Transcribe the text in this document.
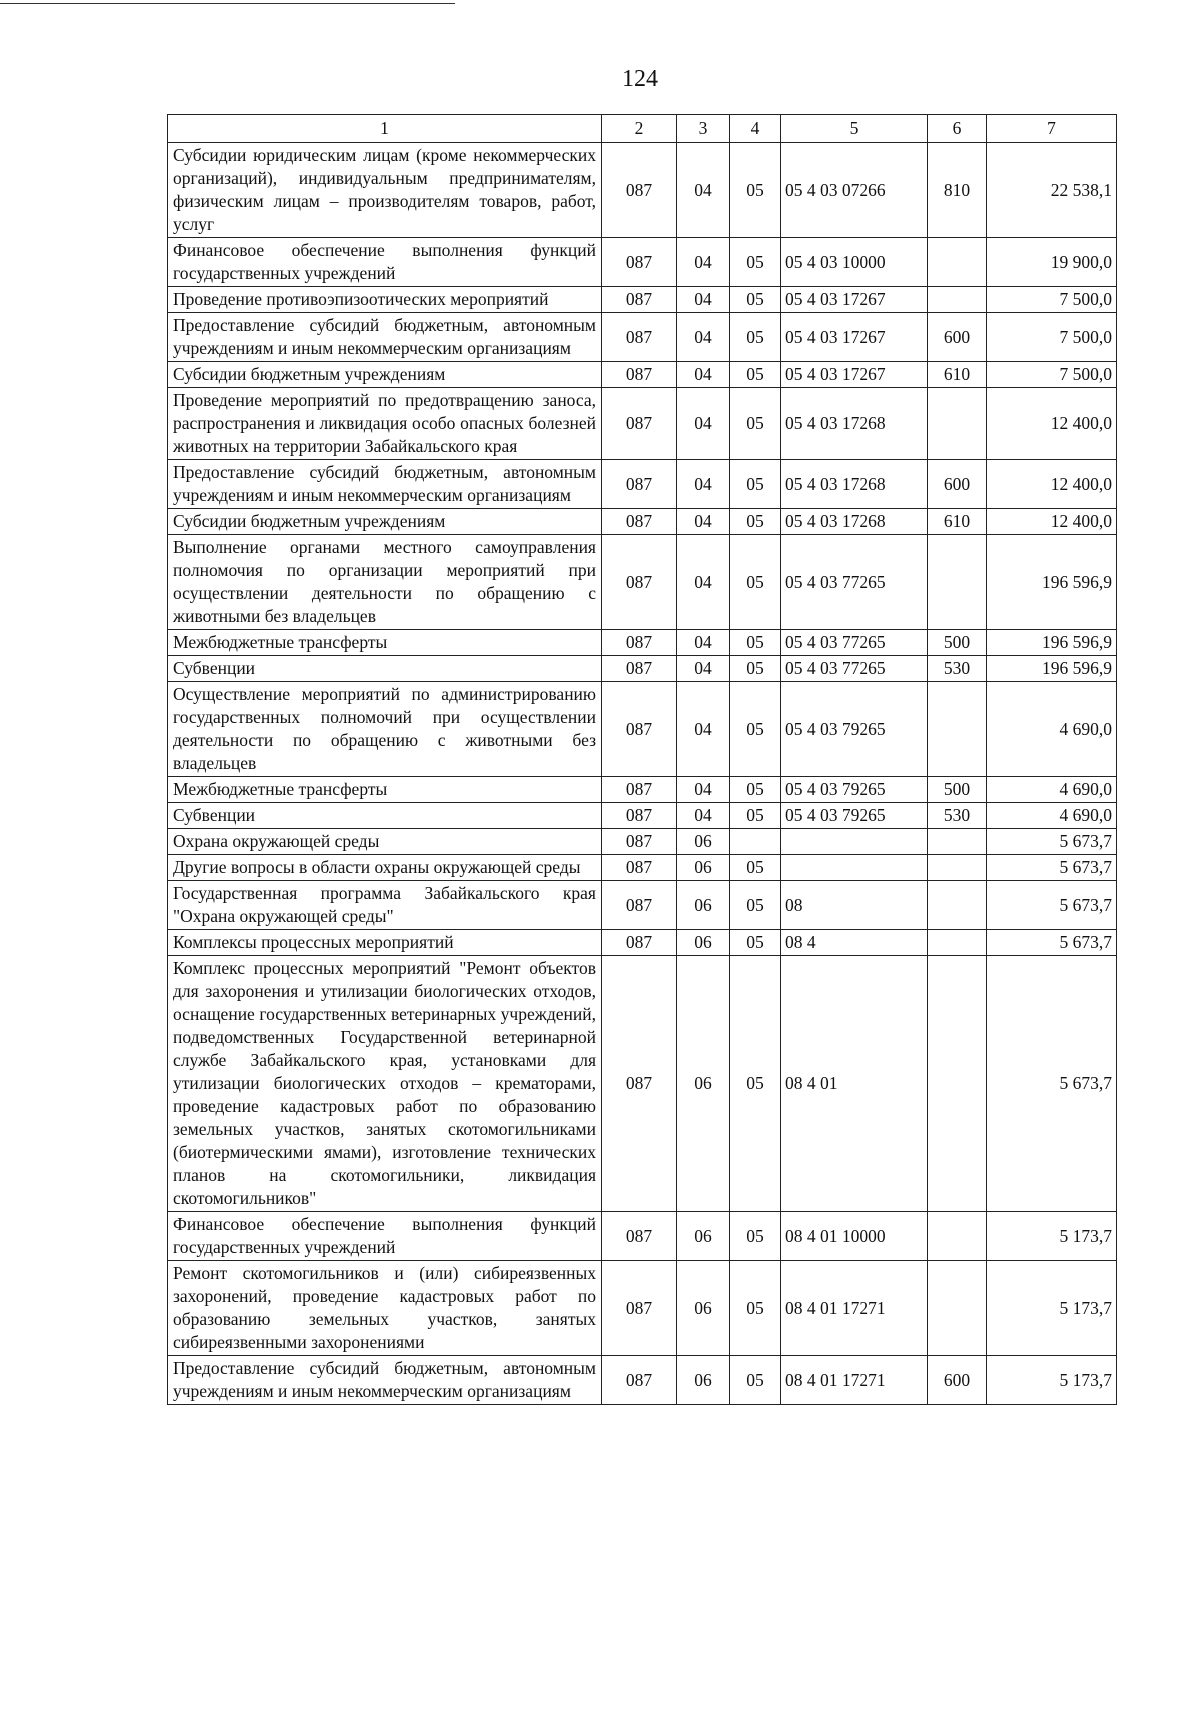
124
1	2	3	4	5	6	7
Субсидии юридическим лицам (кроме некоммерческих организаций), индивидуальным предпринимателям, физическим лицам – производителям товаров, работ, услуг	087	04	05	05 4 03 07266	810	22 538,1
Финансовое обеспечение выполнения функций государственных учреждений	087	04	05	05 4 03 10000		19 900,0
Проведение противоэпизоотических мероприятий	087	04	05	05 4 03 17267		7 500,0
Предоставление субсидий бюджетным, автономным учреждениям и иным некоммерческим организациям	087	04	05	05 4 03 17267	600	7 500,0
Субсидии бюджетным учреждениям	087	04	05	05 4 03 17267	610	7 500,0
Проведение мероприятий по предотвращению заноса, распространения и ликвидация особо опасных болезней животных на территории Забайкальского края	087	04	05	05 4 03 17268		12 400,0
Предоставление субсидий бюджетным, автономным учреждениям и иным некоммерческим организациям	087	04	05	05 4 03 17268	600	12 400,0
Субсидии бюджетным учреждениям	087	04	05	05 4 03 17268	610	12 400,0
Выполнение органами местного самоуправления полномочия по организации мероприятий при осуществлении деятельности по обращению с животными без владельцев	087	04	05	05 4 03 77265		196 596,9
Межбюджетные трансферты	087	04	05	05 4 03 77265	500	196 596,9
Субвенции	087	04	05	05 4 03 77265	530	196 596,9
Осуществление мероприятий по администрированию государственных полномочий при осуществлении деятельности по обращению с животными без владельцев	087	04	05	05 4 03 79265		4 690,0
Межбюджетные трансферты	087	04	05	05 4 03 79265	500	4 690,0
Субвенции	087	04	05	05 4 03 79265	530	4 690,0
Охрана окружающей среды	087	06				5 673,7
Другие вопросы в области охраны окружающей среды	087	06	05			5 673,7
Государственная программа Забайкальского края "Охрана окружающей среды"	087	06	05	08		5 673,7
Комплексы процессных мероприятий	087	06	05	08 4		5 673,7
Комплекс процессных мероприятий "Ремонт объектов для захоронения и утилизации биологических отходов, оснащение государственных ветеринарных учреждений, подведомственных Государственной ветеринарной службе Забайкальского края, установками для утилизации биологических отходов – крематорами, проведение кадастровых работ по образованию земельных участков, занятых скотомогильниками (биотермическими ямами), изготовление технических планов на скотомогильники, ликвидация скотомогильников"	087	06	05	08 4 01		5 673,7
Финансовое обеспечение выполнения функций государственных учреждений	087	06	05	08 4 01 10000		5 173,7
Ремонт скотомогильников и (или) сибиреязвенных захоронений, проведение кадастровых работ по образованию земельных участков, занятых сибиреязвенными захоронениями	087	06	05	08 4 01 17271		5 173,7
Предоставление субсидий бюджетным, автономным учреждениям и иным некоммерческим организациям	087	06	05	08 4 01 17271	600	5 173,7
